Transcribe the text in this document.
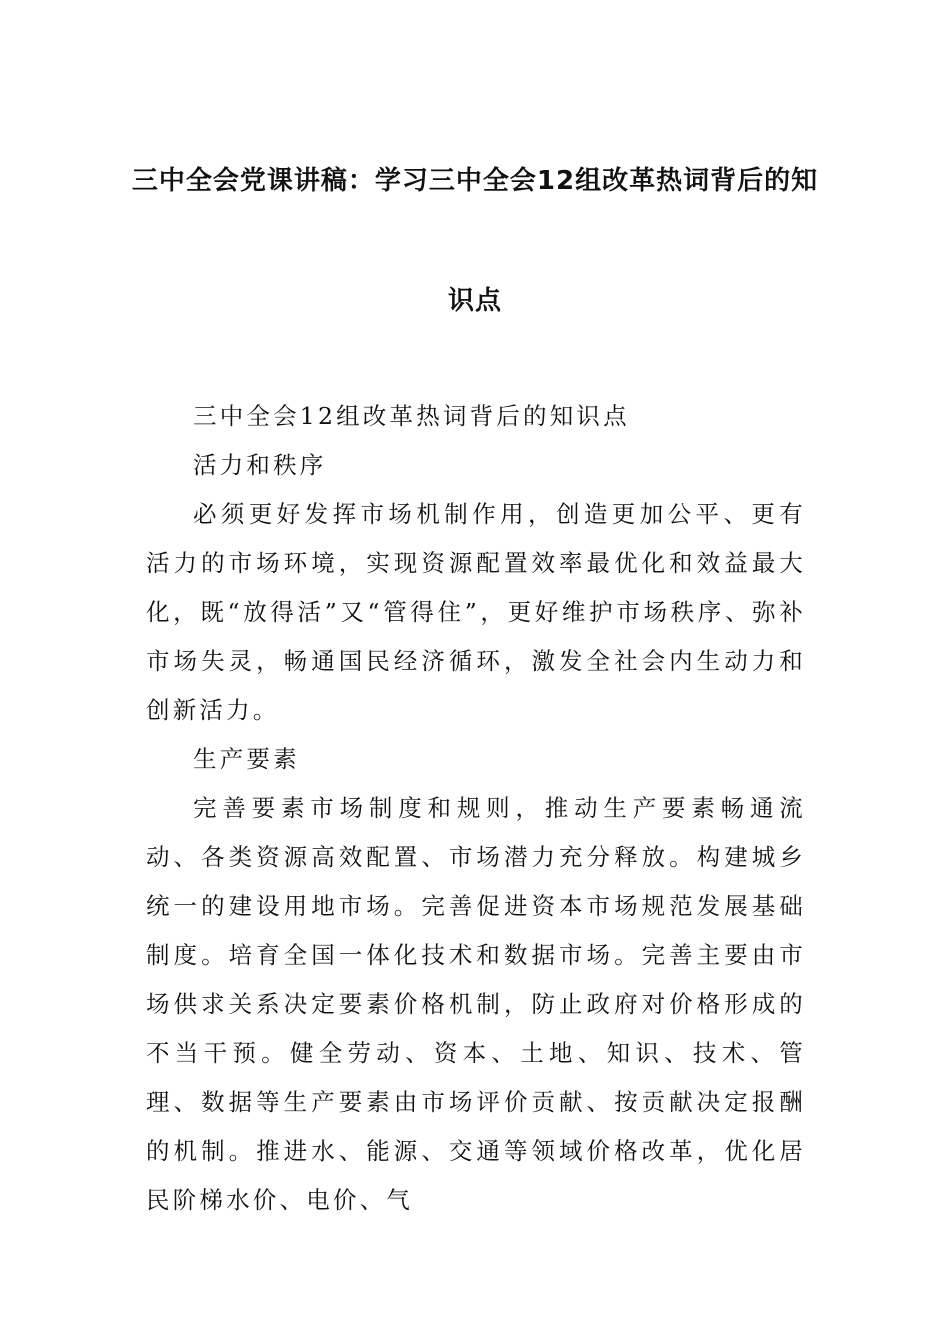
三中全会党课讲稿：学习三中全会12组改革热词背后的知
识点

三中全会12组改革热词背后的知识点

活力和秩序

必须更好发挥市场机制作用，创造更加公平、更有活力的市场环境，实现资源配置效率最优化和效益最大化，既“放得活”又“管得住”，更好维护市场秩序、弥补市场失灵，畅通国民经济循环，激发全社会内生动力和创新活力。

生产要素

完善要素市场制度和规则，推动生产要素畅通流动、各类资源高效配置、市场潜力充分释放。构建城乡统一的建设用地市场。完善促进资本市场规范发展基础制度。培育全国一体化技术和数据市场。完善主要由市场供求关系决定要素价格机制，防止政府对价格形成的不当干预。健全劳动、资本、土地、知识、技术、管理、数据等生产要素由市场评价贡献、按贡献决定报酬的机制。推进水、能源、交通等领域价格改革，优化居民阶梯水价、电价、气
